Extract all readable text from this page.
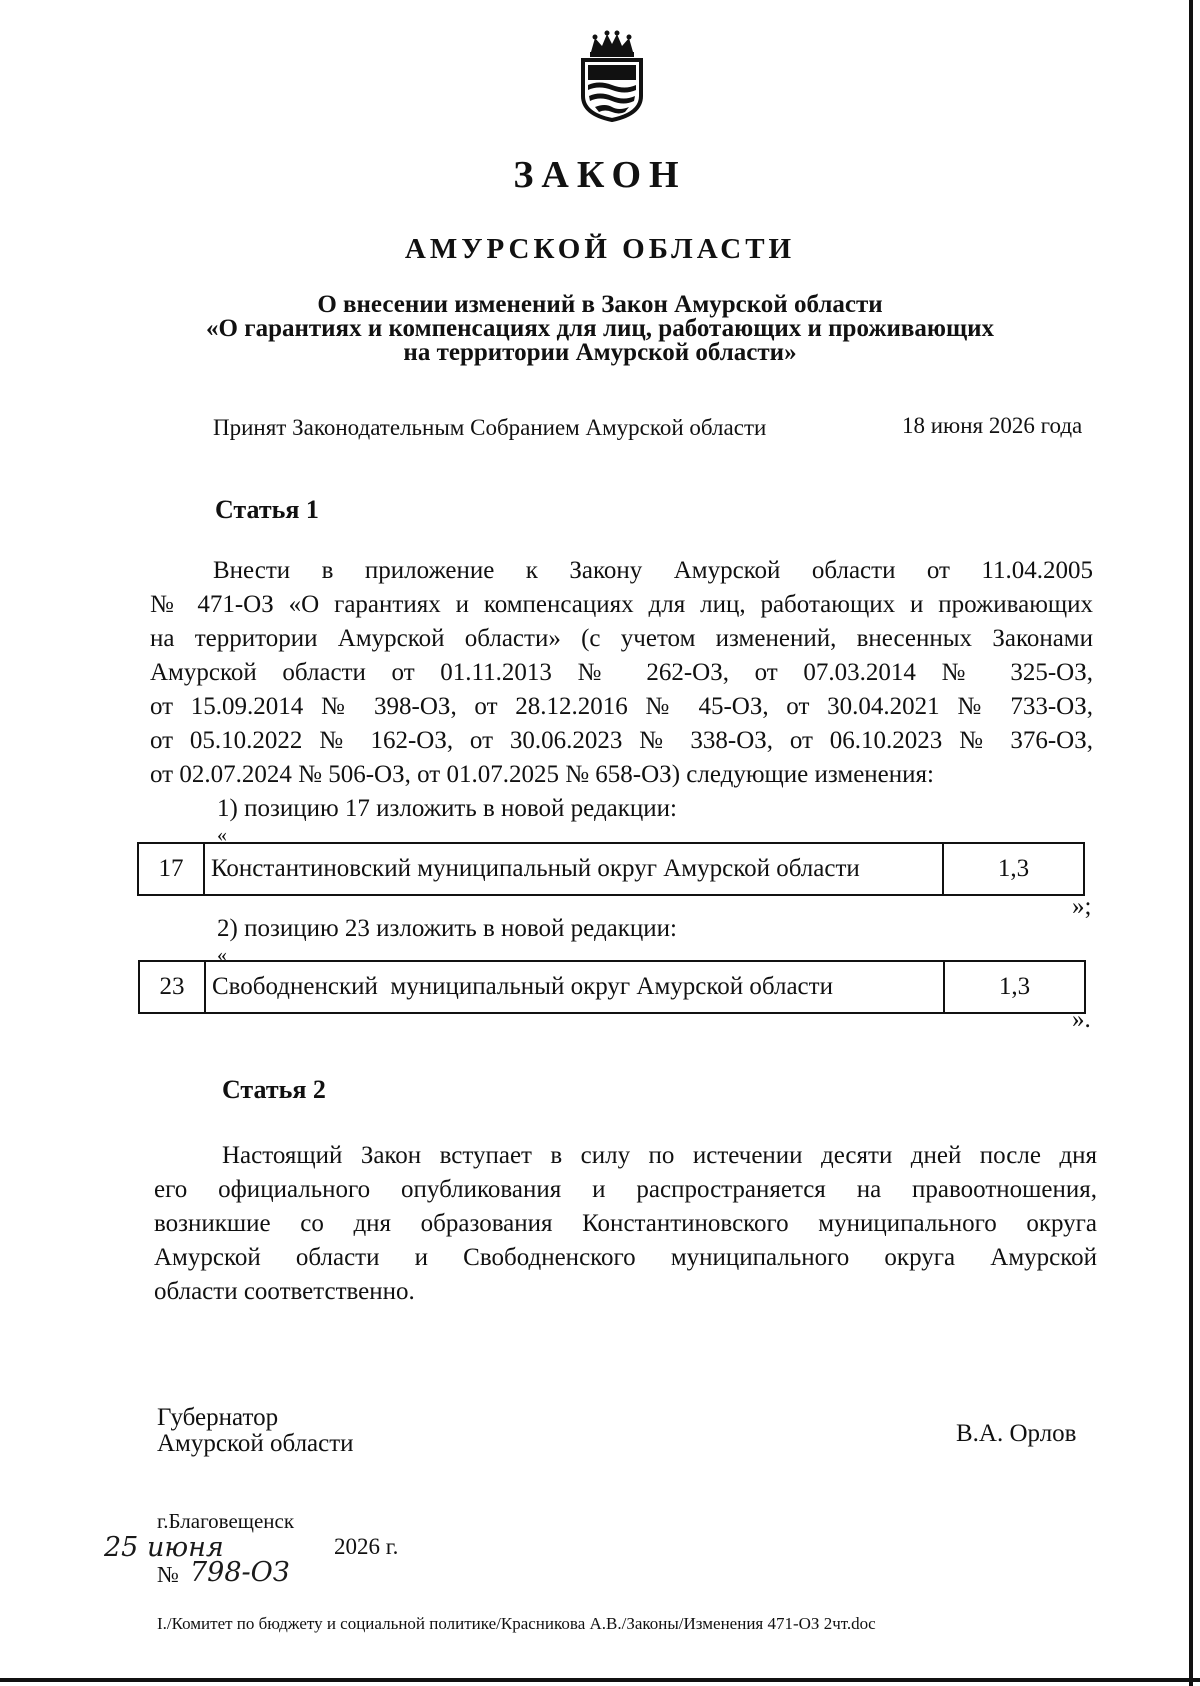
ЗАКОН
АМУРСКОЙ ОБЛАСТИ
О внесении изменений в Закон Амурской области
«О гарантиях и компенсациях для лиц, работающих и проживающих
на территории Амурской области»
Принят Законодательным Собранием Амурской области	18 июня 2026 года
Статья 1
Внести в приложение к Закону Амурской области от 11.04.2005
№ 471-ОЗ «О гарантиях и компенсациях для лиц, работающих и проживающих
на территории Амурской области» (с учетом изменений, внесенных Законами
Амурской области от 01.11.2013 № 262-ОЗ, от 07.03.2014 № 325-ОЗ,
от 15.09.2014 № 398-ОЗ, от 28.12.2016 № 45-ОЗ, от 30.04.2021 № 733-ОЗ,
от 05.10.2022 № 162-ОЗ, от 30.06.2023 № 338-ОЗ, от 06.10.2023 № 376-ОЗ,
от 02.07.2024 № 506-ОЗ, от 01.07.2025 № 658-ОЗ) следующие изменения:
1) позицию 17 изложить в новой редакции:
«
17	Константиновский муниципальный округ Амурской области	1,3
»;
2) позицию 23 изложить в новой редакции:
«
23	Свободненский  муниципальный округ Амурской области	1,3
».
Статья 2
Настоящий Закон вступает в силу по истечении десяти дней после дня
его официального опубликования и распространяется на правоотношения,
возникшие со дня образования Константиновского муниципального округа
Амурской области и Свободненского муниципального округа Амурской
области соответственно.
Губернатор
Амурской области	В.А. Орлов
г.Благовещенск
25 июня	2026 г.
№ 798-ОЗ
I./Комитет по бюджету и социальной политике/Красникова А.В./Законы/Изменения 471-ОЗ 2чт.doc
